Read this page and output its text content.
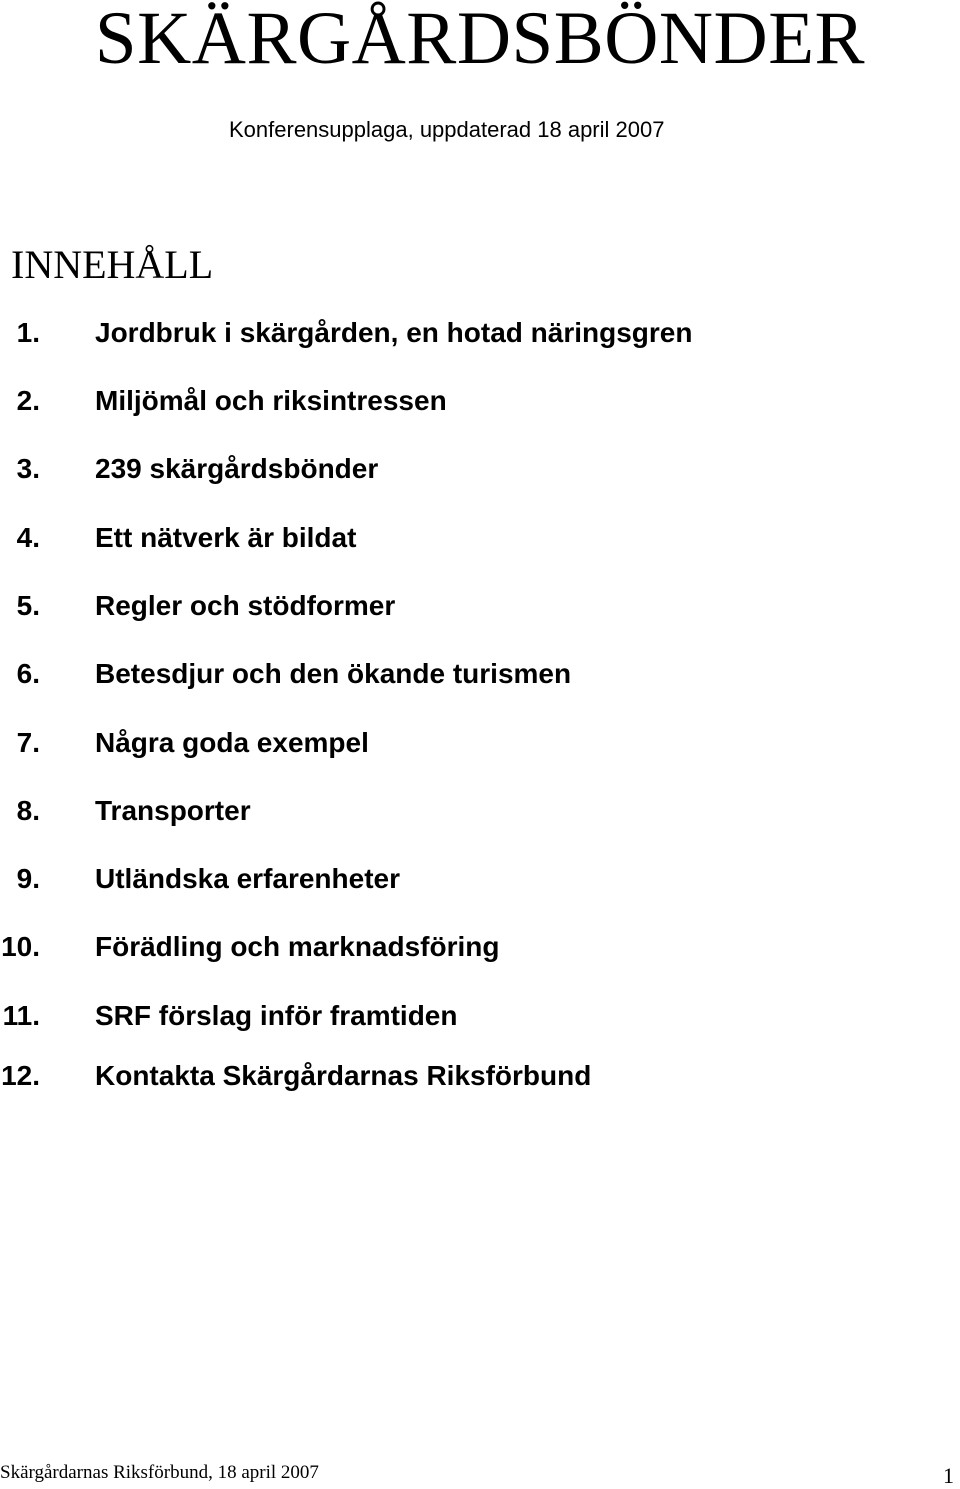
SKÄRGÅRDSBÖNDER

Konferensupplaga, uppdaterad 18 april 2007

INNEHÅLL
1. Jordbruk i skärgården, en hotad näringsgren
2. Miljömål och riksintressen
3. 239 skärgårdsbönder
4. Ett nätverk är bildat
5. Regler och stödformer
6. Betesdjur och den ökande turismen
7. Några goda exempel
8. Transporter
9. Utländska erfarenheter
10. Förädling och marknadsföring
11. SRF förslag inför framtiden
12. Kontakta Skärgårdarnas Riksförbund
Skärgårdarnas Riksförbund, 18 april 2007	1
